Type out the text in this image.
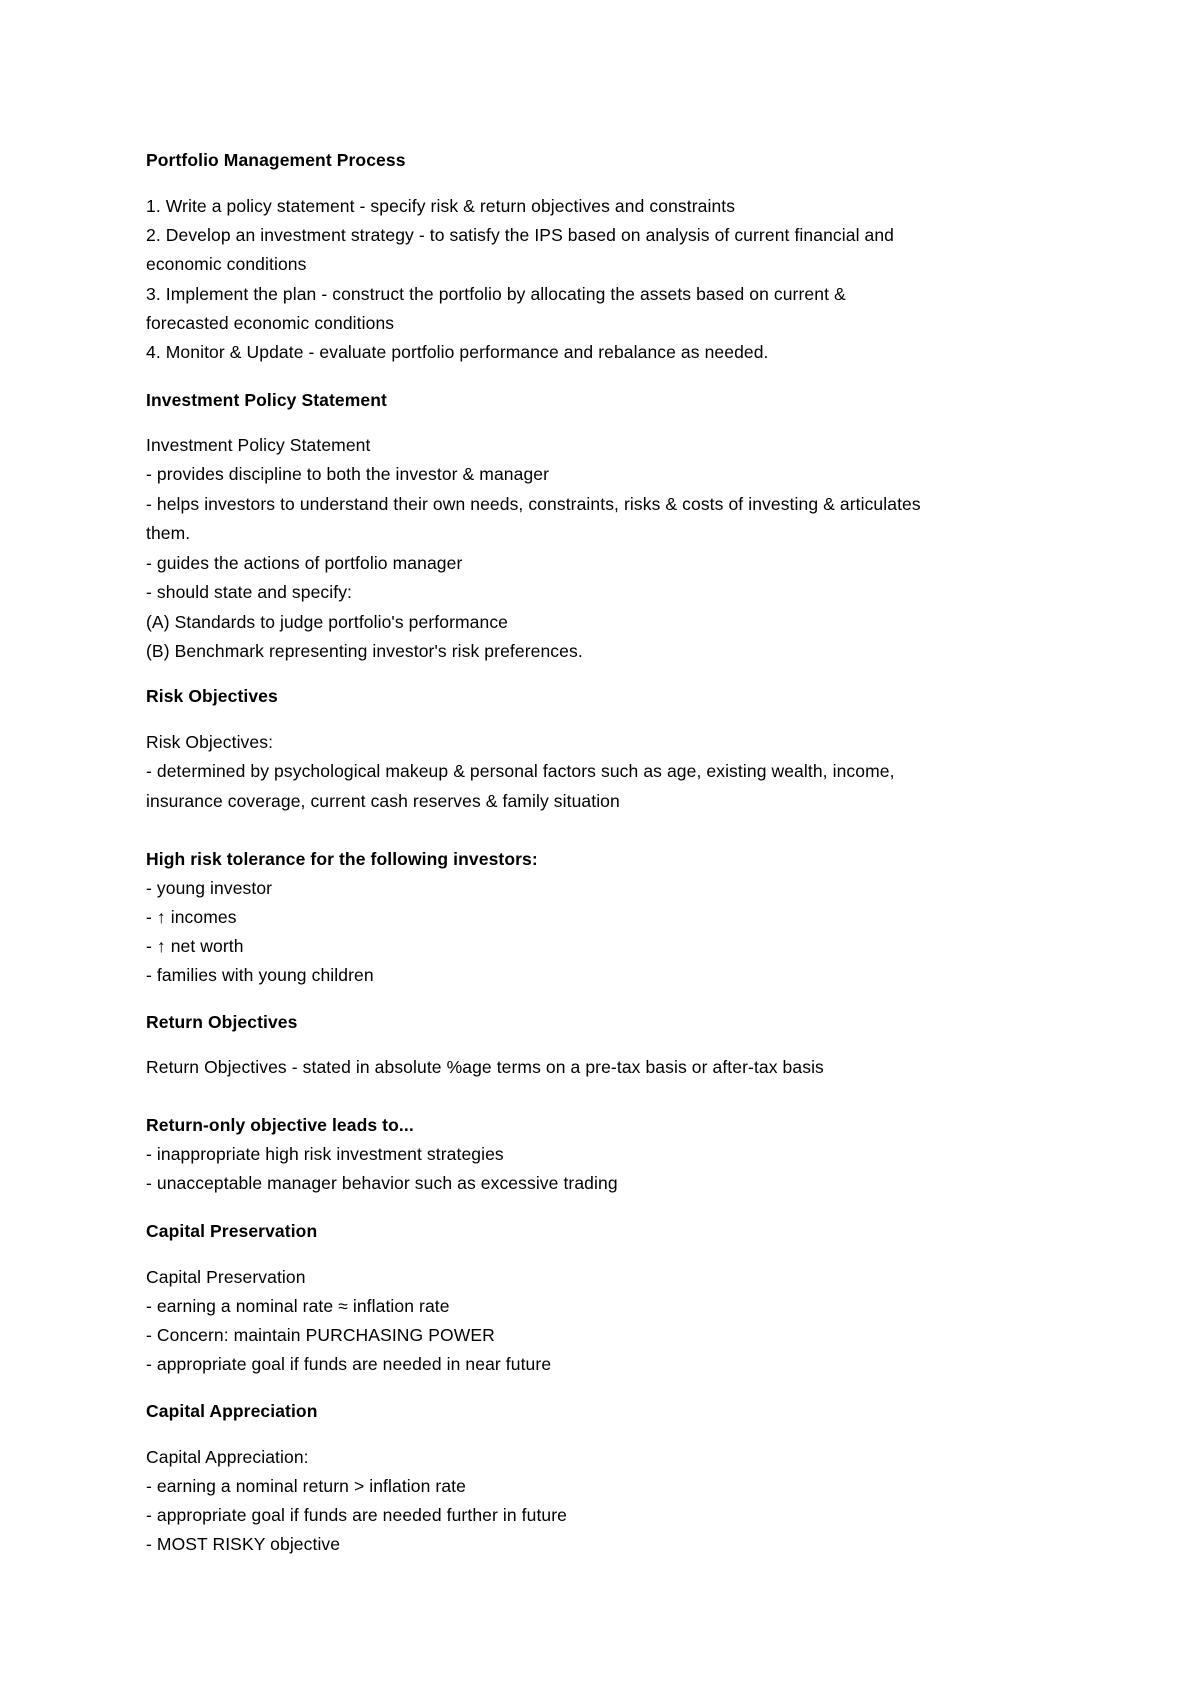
Portfolio Management Process
1. Write a policy statement - specify risk & return objectives and constraints
2. Develop an investment strategy - to satisfy the IPS based on analysis of current financial and
economic conditions
3. Implement the plan - construct the portfolio by allocating the assets based on current &
forecasted economic conditions
4. Monitor & Update - evaluate portfolio performance and rebalance as needed.
Investment Policy Statement
Investment Policy Statement
- provides discipline to both the investor & manager
- helps investors to understand their own needs, constraints, risks & costs of investing & articulates
them.
- guides the actions of portfolio manager
- should state and specify:
(A) Standards to judge portfolio's performance
(B) Benchmark representing investor's risk preferences.
Risk Objectives
Risk Objectives:
- determined by psychological makeup & personal factors such as age, existing wealth, income,
insurance coverage, current cash reserves & family situation
High risk tolerance for the following investors:
- young investor
- ↑ incomes
- ↑ net worth
- families with young children
Return Objectives
Return Objectives - stated in absolute %age terms on a pre-tax basis or after-tax basis
Return-only objective leads to...
- inappropriate high risk investment strategies
- unacceptable manager behavior such as excessive trading
Capital Preservation
Capital Preservation
- earning a nominal rate ≈ inflation rate
- Concern: maintain PURCHASING POWER
- appropriate goal if funds are needed in near future
Capital Appreciation
Capital Appreciation:
- earning a nominal return > inflation rate
- appropriate goal if funds are needed further in future
- MOST RISKY objective
